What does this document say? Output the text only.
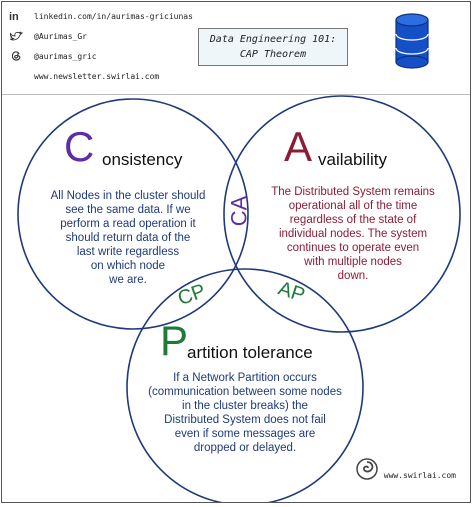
in linkedin.com/in/aurimas-griciunas
@Aurimas_Gr
@aurimas_gric
www.newsletter.swirlai.com
Data Engineering 101:
CAP Theorem
C onsistency
All Nodes in the cluster should
see the same data. If we
perform a read operation it
should return data of the
last write regardless
on which node
we are.
A vailability
The Distributed System remains
operational all of the time
regardless of the state of
individual nodes. The system
continues to operate even
with multiple nodes
down.
CA
CP	AP
P
artition tolerance
If a Network Partition occurs
(communication between some nodes
in the cluster breaks) the
Distributed System does not fail
even if some messages are
dropped or delayed.
www.swirlai.com
